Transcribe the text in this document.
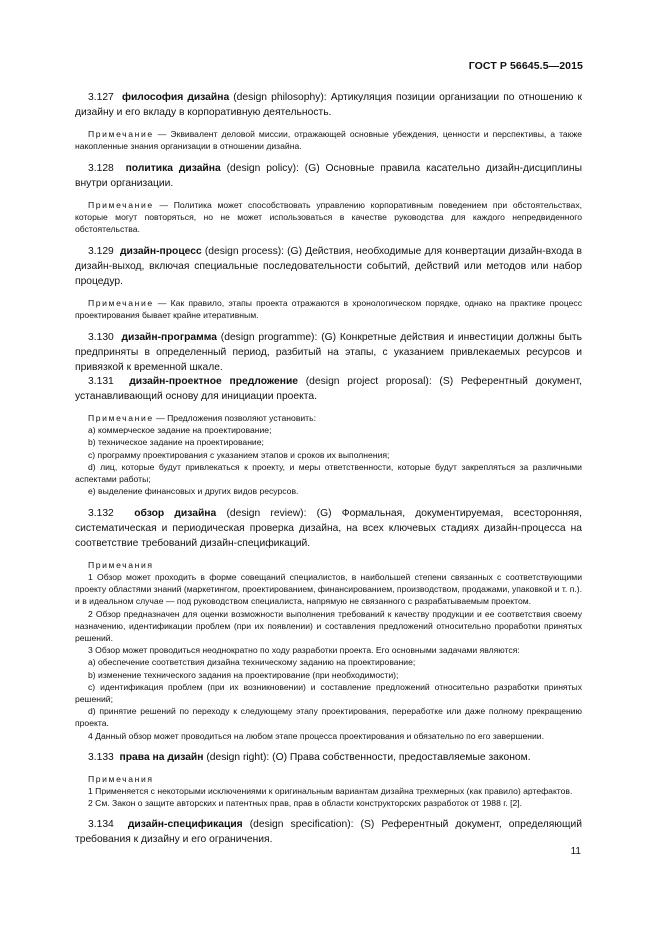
ГОСТ Р 56645.5—2015

3.127 философия дизайна (design philosophy): Артикуляция позиции организации по отношению к дизайну и его вкладу в корпоративную деятельность.

Примечание — Эквивалент деловой миссии, отражающей основные убеждения, ценности и перспективы, а также накопленные знания организации в отношении дизайна.

3.128 политика дизайна (design policy): (G) Основные правила касательно дизайн-дисциплины внутри организации.

Примечание — Политика может способствовать управлению корпоративным поведением при обстоятельствах, которые могут повторяться, но не может использоваться в качестве руководства для каждого непредвиденного обстоятельства.

3.129 дизайн-процесс (design process): (G) Действия, необходимые для конвертации дизайн-входа в дизайн-выход, включая специальные последовательности событий, действий или методов или набор процедур.

Примечание — Как правило, этапы проекта отражаются в хронологическом порядке, однако на практике процесс проектирования бывает крайне итеративным.

3.130 дизайн-программа (design programme): (G) Конкретные действия и инвестиции должны быть предприняты в определенный период, разбитый на этапы, с указанием привлекаемых ресурсов и привязкой к временной шкале.

3.131 дизайн-проектное предложение (design project proposal): (S) Референтный документ, устанавливающий основу для инициации проекта.

Примечание — Предложения позволяют установить:

a) коммерческое задание на проектирование;

b) техническое задание на проектирование;

c) программу проектирования с указанием этапов и сроков их выполнения;

d) лиц, которые будут привлекаться к проекту, и меры ответственности, которые будут закрепляться за различными аспектами работы;

e) выделение финансовых и других видов ресурсов.

3.132 обзор дизайна (design review): (G) Формальная, документируемая, всесторонняя, систематическая и периодическая проверка дизайна, на всех ключевых стадиях дизайн-процесса на соответствие требований дизайн-спецификаций.

Примечания

1 Обзор может проходить в форме совещаний специалистов, в наибольшей степени связанных с соответствующими проекту областями знаний (маркетингом, проектированием, финансированием, производством, продажами, упаковкой и т. п.). и в идеальном случае — под руководством специалиста, напрямую не связанного с разрабатываемым проектом.

2 Обзор предназначен для оценки возможности выполнения требований к качеству продукции и ее соответствия своему назначению, идентификации проблем (при их появлении) и составления предложений относительно проработки принятых решений.

3 Обзор может проводиться неоднократно по ходу разработки проекта. Его основными задачами являются:

a) обеспечение соответствия дизайна техническому заданию на проектирование;

b) изменение технического задания на проектирование (при необходимости);

c) идентификация проблем (при их возникновении) и составление предложений относительно разработки принятых решений;

d) принятие решений по переходу к следующему этапу проектирования, переработке или даже полному прекращению проекта.

4 Данный обзор может проводиться на любом этапе процесса проектирования и обязательно по его завершении.

3.133 права на дизайн (design right): (O) Права собственности, предоставляемые законом.

Примечания

1 Применяется с некоторыми исключениями к оригинальным вариантам дизайна трехмерных (как правило) артефактов.

2 См. Закон о защите авторских и патентных прав, прав в области конструкторских разработок от 1988 г. [2].

3.134 дизайн-спецификация (design specification): (S) Референтный документ, определяющий требования к дизайну и его ограничения.

11
